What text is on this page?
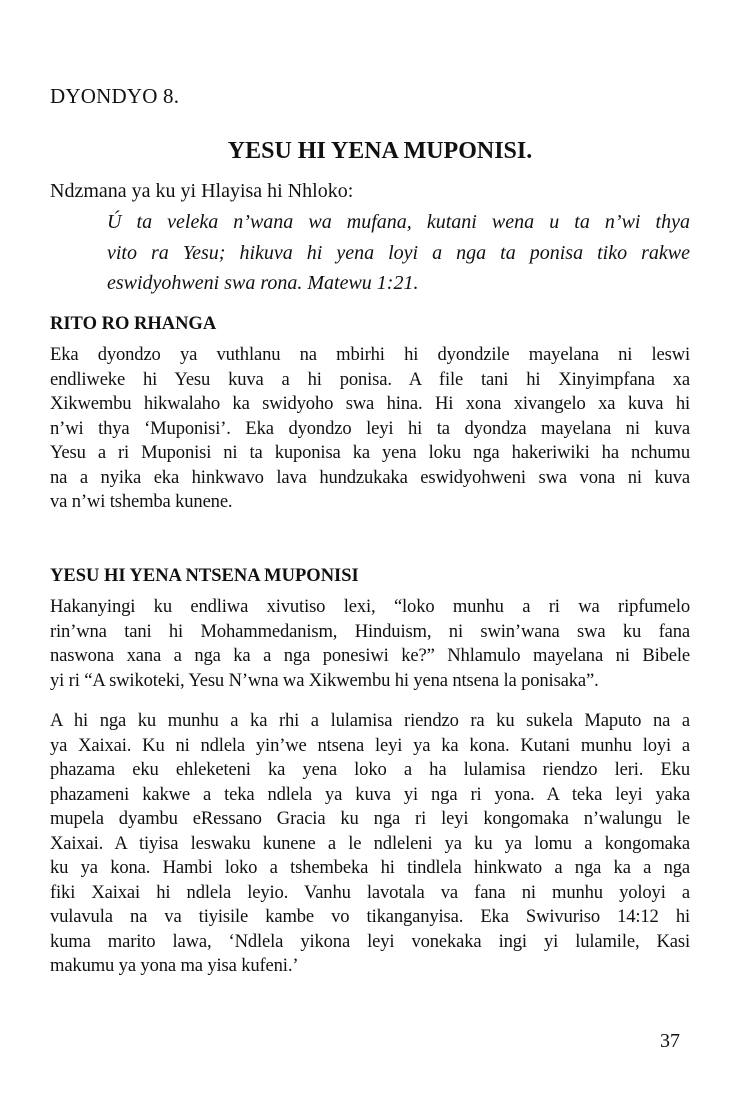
DYONDYO 8.
YESU HI YENA MUPONISI.
Ndzmana ya ku yi Hlayisa hi Nhloko:
Ú ta veleka n’wana wa mufana, kutani wena u ta n’wi thya
vito ra Yesu; hikuva hi yena loyi a nga ta ponisa tiko rakwe
eswidyohweni swa rona. Matewu 1:21.
RITO RO RHANGA
Eka dyondzo ya vuthlanu na mbirhi hi dyondzile mayelana ni leswi
endliweke hi Yesu kuva a hi ponisa. A file tani hi Xinyimpfana xa
Xikwembu hikwalaho ka swidyoho swa hina. Hi xona xivangelo xa kuva hi
n’wi thya ‘Muponisi’. Eka dyondzo leyi hi ta dyondza mayelana ni kuva
Yesu a ri Muponisi ni ta kuponisa ka yena loku nga hakeriwiki ha nchumu
na a nyika eka hinkwavo lava hundzukaka eswidyohweni swa vona ni kuva
va n’wi tshemba kunene.
YESU HI YENA NTSENA MUPONISI
Hakanyingi ku endliwa xivutiso lexi, “loko munhu a ri wa ripfumelo
rin’wna tani hi Mohammedanism, Hinduism, ni swin’wana swa ku fana
naswona xana a nga ka a nga ponesiwi ke?” Nhlamulo mayelana ni Bibele
yi ri “A swikoteki, Yesu N’wna wa Xikwembu hi yena ntsena la ponisaka”.
A hi nga ku munhu a ka rhi a lulamisa riendzo ra ku sukela Maputo na a
ya Xaixai. Ku ni ndlela yin’we ntsena leyi ya ka kona. Kutani munhu loyi a
phazama eku ehleketeni ka yena loko a ha lulamisa riendzo leri. Eku
phazameni kakwe a teka ndlela ya kuva yi nga ri yona. A teka leyi yaka
mupela dyambu eRessano Gracia ku nga ri leyi kongomaka n’walungu le
Xaixai. A tiyisa leswaku kunene a le ndleleni ya ku ya lomu a kongomaka
ku ya kona. Hambi loko a tshembeka hi tindlela hinkwato a nga ka a nga
fiki Xaixai hi ndlela leyio. Vanhu lavotala va fana ni munhu yoloyi a
vulavula na va tiyisile kambe vo tikanganyisa. Eka Swivuriso 14:12 hi
kuma marito lawa, ‘Ndlela yikona leyi vonekaka ingi yi lulamile, Kasi
makumu ya yona ma yisa kufeni.’
37
